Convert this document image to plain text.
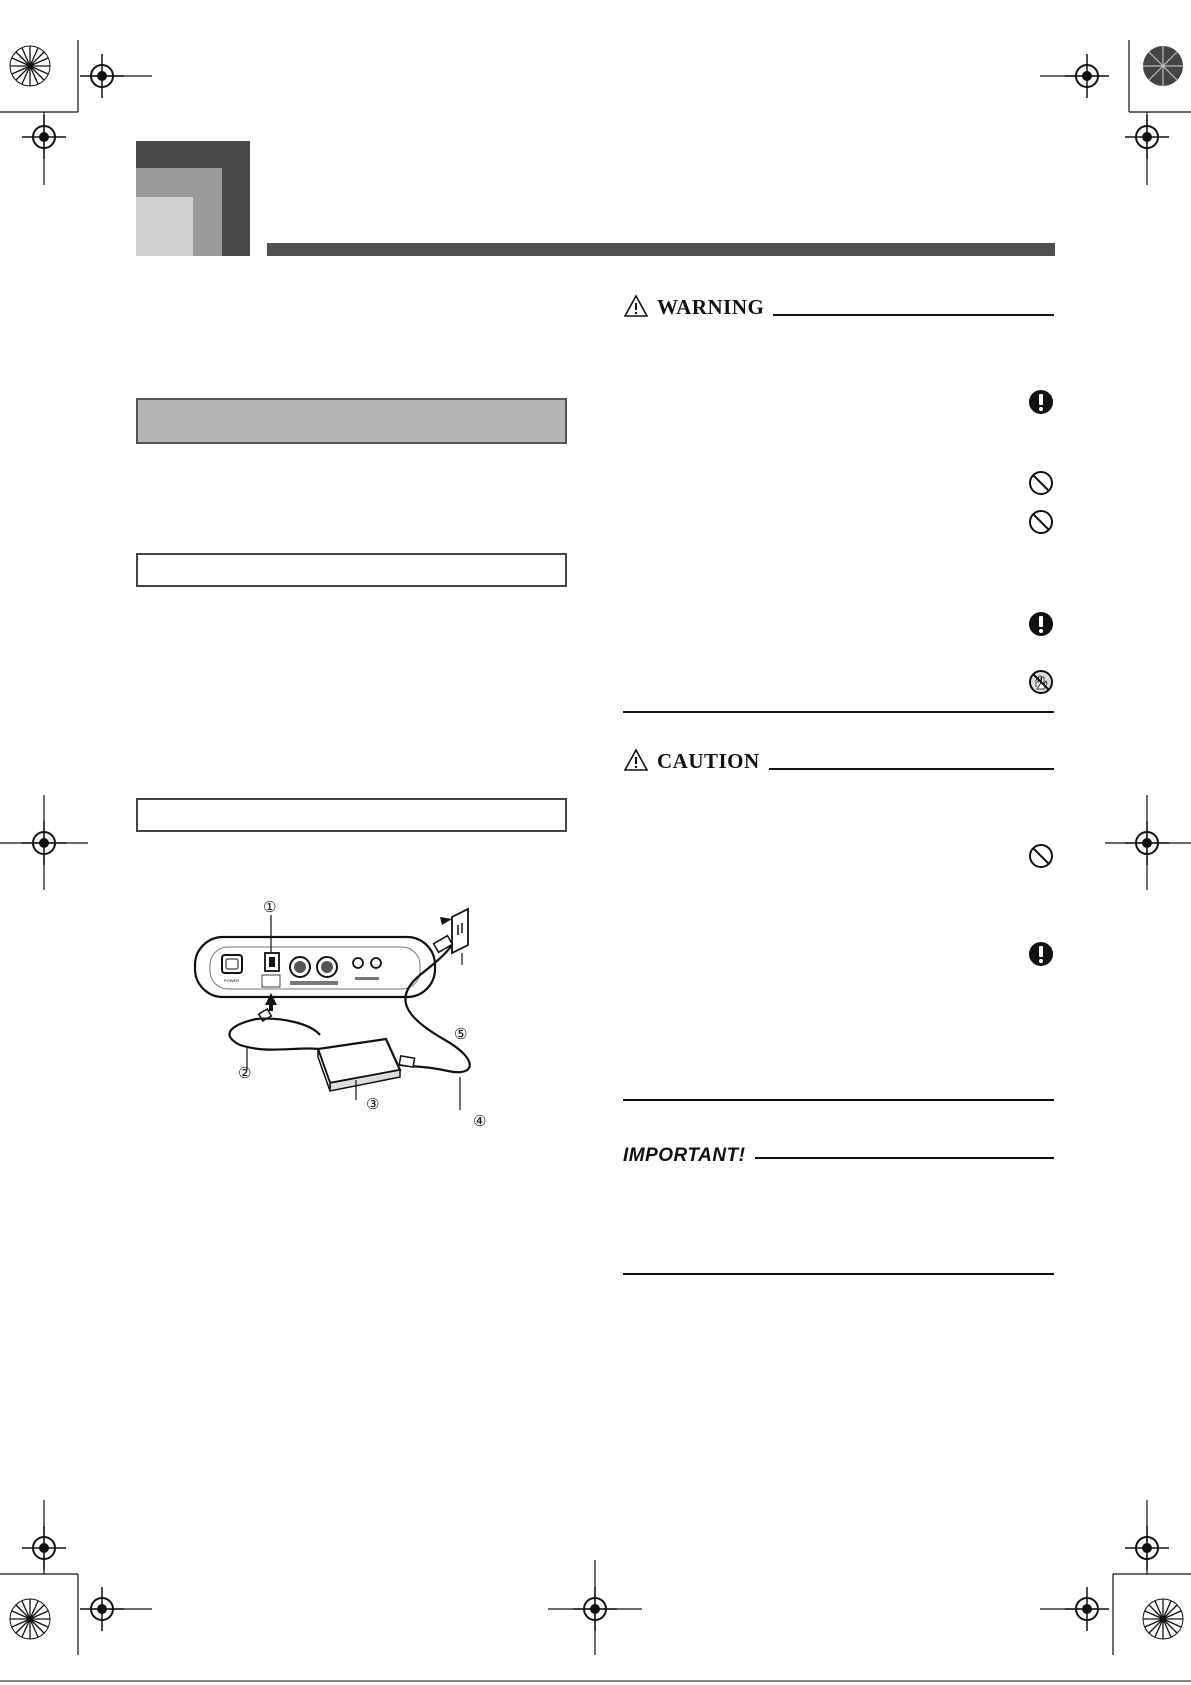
POWER
①
⑤
②
③
④
WARNING
CAUTION
IMPORTANT!
